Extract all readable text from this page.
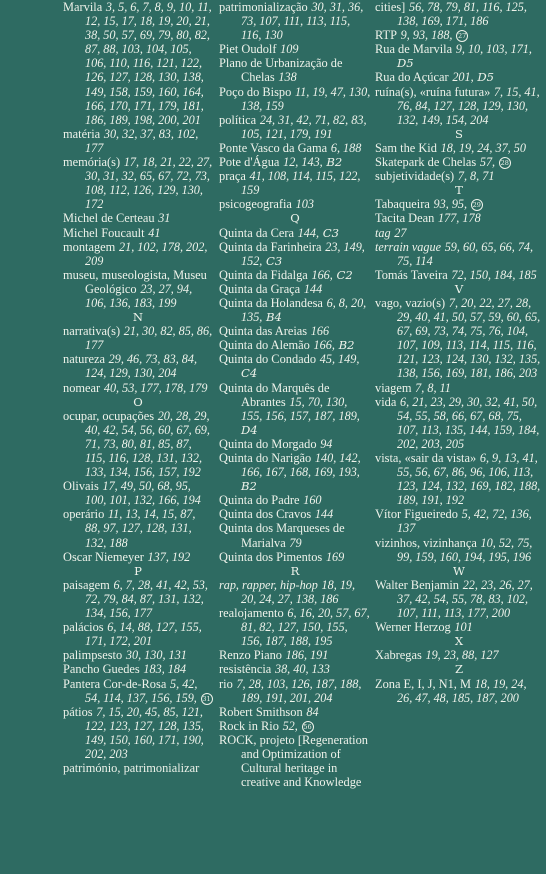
Marvila 3, 5, 6, 7, 8, 9, 10, 11, 12, 15, 17, 18, 19, 20, 21, 38, 50, 57, 69, 79, 80, 82, 87, 88, 103, 104, 105, 106, 110, 116, 121, 122, 126, 127, 128, 130, 138, 149, 158, 159, 160, 164, 166, 170, 171, 179, 181, 186, 189, 198, 200, 201
matéria 30, 32, 37, 83, 102, 177
memória(s) 17, 18, 21, 22, 27, 30, 31, 32, 65, 67, 72, 73, 108, 112, 126, 129, 130, 172
Michel de Certeau 31
Michel Foucault 41
montagem 21, 102, 178, 202, 209
museu, museologista, Museu Geológico 23, 27, 94, 106, 136, 183, 199
N
narrativa(s) 21, 30, 82, 85, 86, 177
natureza 29, 46, 73, 83, 84, 124, 129, 130, 204
nomear 40, 53, 177, 178, 179
O
ocupar, ocupações 20, 28, 29, 40, 42, 54, 56, 60, 67, 69, 71, 73, 80, 81, 85, 87, 115, 116, 128, 131, 132, 133, 134, 156, 157, 192
Olivais 17, 49, 50, 68, 95, 100, 101, 132, 166, 194
operário 11, 13, 14, 15, 87, 88, 97, 127, 128, 131, 132, 188
Oscar Niemeyer 137, 192
P
paisagem 6, 7, 28, 41, 42, 53, 72, 79, 84, 87, 131, 132, 134, 156, 177
palácios 6, 14, 88, 127, 155, 171, 172, 201
palimpsesto 30, 130, 131
Pancho Guedes 183, 184
Pantera Cor-de-Rosa 5, 42, 54, 114, 137, 156, 159, 31
pátios 7, 15, 20, 45, 85, 121, 122, 123, 127, 128, 135, 149, 150, 160, 171, 190, 202, 203
património, patrimonializar
patrimonialização 30, 31, 36, 73, 107, 111, 113, 115, 116, 130
Piet Oudolf 109
Plano de Urbanização de Chelas 138
Poço do Bispo 11, 19, 47, 130, 138, 159
política 24, 31, 42, 71, 82, 83, 105, 121, 179, 191
Ponte Vasco da Gama 6, 188
Pote d'Água 12, 143, B2
praça 41, 108, 114, 115, 122, 159
psicogeografia 103
Q
Quinta da Cera 144, C3
Quinta da Farinheira 23, 149, 152, C3
Quinta da Fidalga 166, C2
Quinta da Graça 144
Quinta da Holandesa 6, 8, 20, 135, B4
Quinta das Areias 166
Quinta do Alemão 166, B2
Quinta do Condado 45, 149, C4
Quinta do Marquês de Abrantes 15, 70, 130, 155, 156, 157, 187, 189, D4
Quinta do Morgado 94
Quinta do Narigão 140, 142, 166, 167, 168, 169, 193, B2
Quinta do Padre 160
Quinta dos Cravos 144
Quinta dos Marqueses de Marialva 79
Quinta dos Pimentos 169
R
rap, rapper, hip-hop 18, 19, 20, 24, 27, 138, 186
realojamento 6, 16, 20, 57, 67, 81, 82, 127, 150, 155, 156, 187, 188, 195
Renzo Piano 186, 191
resistência 38, 40, 133
rio 7, 28, 103, 126, 187, 188, 189, 191, 201, 204
Robert Smithson 84
Rock in Rio 52, 56
ROCK, projeto [Regeneration and Optimization of Cultural heritage in creative and Knowledge
cities] 56, 78, 79, 81, 116, 125, 138, 169, 171, 186
RTP 9, 93, 188, 27
Rua de Marvila 9, 10, 103, 171, D5
Rua do Açúcar 201, D5
ruína(s), «ruína futura» 7, 15, 41, 76, 84, 127, 128, 129, 130, 132, 149, 154, 204
S
Sam the Kid 18, 19, 24, 37, 50
Skatepark de Chelas 57, 28
subjetividade(s) 7, 8, 71
T
Tabaqueira 93, 95, 29
Tacita Dean 177, 178
tag 27
terrain vague 59, 60, 65, 66, 74, 75, 114
Tomás Taveira 72, 150, 184, 185
V
vago, vazio(s) 7, 20, 22, 27, 28, 29, 40, 41, 50, 57, 59, 60, 65, 67, 69, 73, 74, 75, 76, 104, 107, 109, 113, 114, 115, 116, 121, 123, 124, 130, 132, 135, 138, 156, 169, 181, 186, 203
viagem 7, 8, 11
vida 6, 21, 23, 29, 30, 32, 41, 50, 54, 55, 58, 66, 67, 68, 75, 107, 113, 135, 144, 159, 184, 202, 203, 205
vista, «sair da vista» 6, 9, 13, 41, 55, 56, 67, 86, 96, 106, 113, 123, 124, 132, 169, 182, 188, 189, 191, 192
Vítor Figueiredo 5, 42, 72, 136, 137
vizinhos, vizinhança 10, 52, 75, 99, 159, 160, 194, 195, 196
W
Walter Benjamin 22, 23, 26, 27, 37, 42, 54, 55, 78, 83, 102, 107, 111, 113, 177, 200
Werner Herzog 101
X
Xabregas 19, 23, 88, 127
Z
Zona E, I, J, N1, M 18, 19, 24, 26, 47, 48, 185, 187, 200
